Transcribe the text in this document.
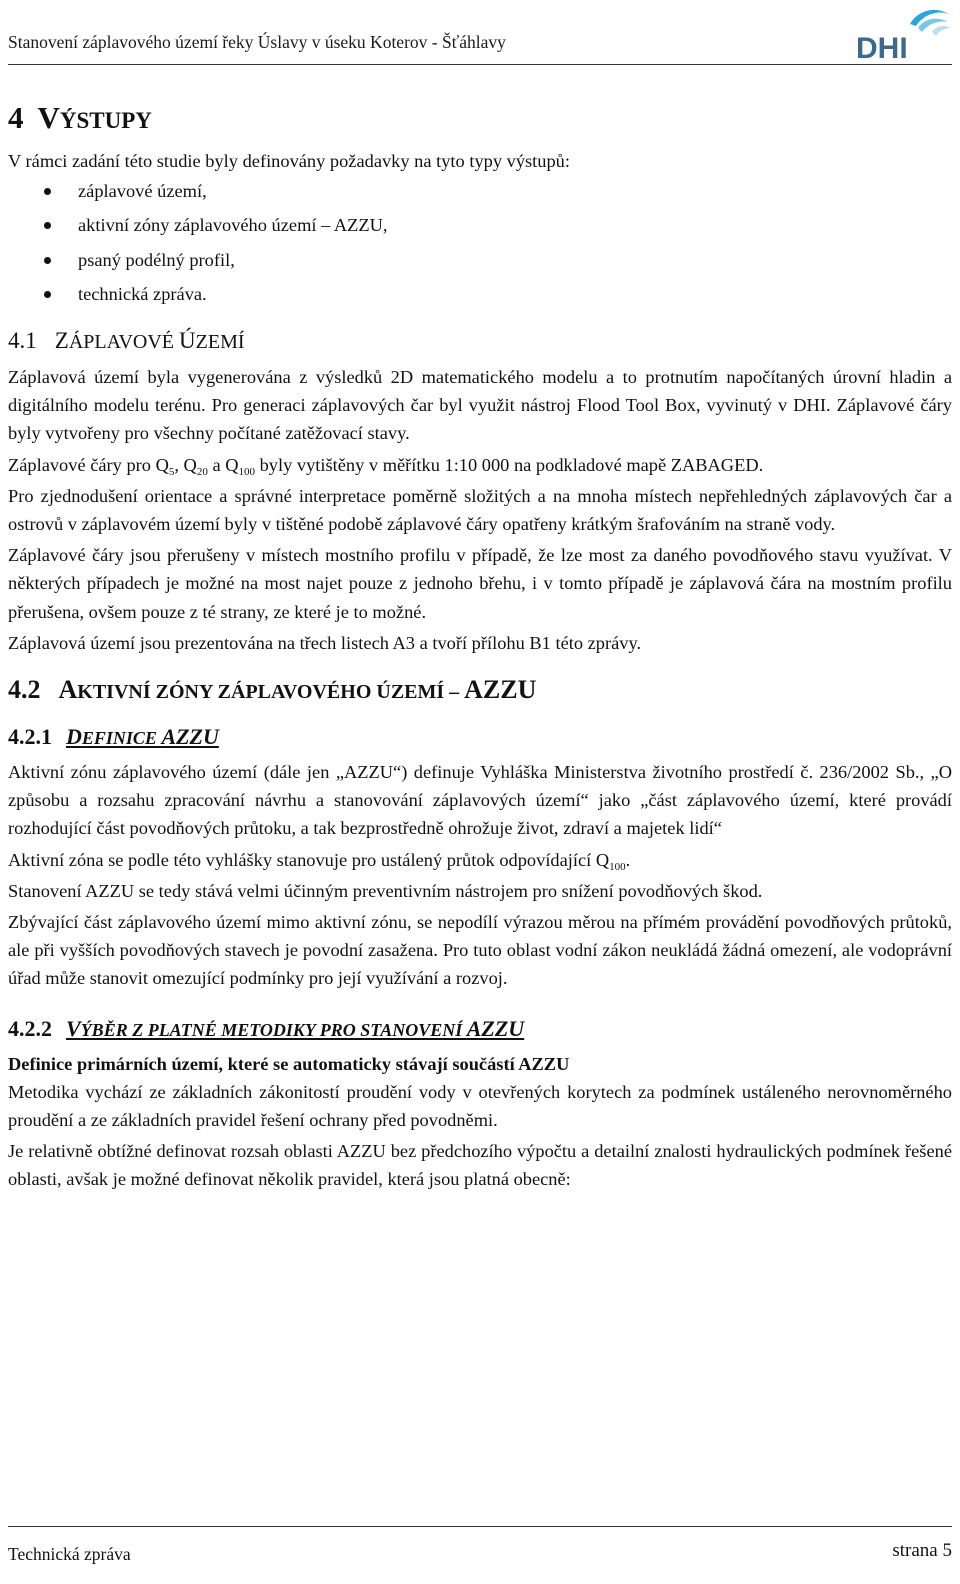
Stanovení záplavového území řeky Úslavy v úseku Koterov - Šťáhlavy	DHI
4 VÝSTUPY

V rámci zadání této studie byly definovány požadavky na tyto typy výstupů:

záplavové území,
aktivní zóny záplavového území – AZZU,
psaný podélný profil,
technická zpráva.
4.1 ZÁPLAVOVÉ ÚZEMÍ

Záplavová území byla vygenerována z výsledků 2D matematického modelu a to protnutím napočítaných úrovní hladin a digitálního modelu terénu. Pro generaci záplavových čar byl využit nástroj Flood Tool Box, vyvinutý v DHI. Záplavové čáry byly vytvořeny pro všechny počítané zatěžovací stavy.

Záplavové čáry pro $Q_5$, $Q_{20}$ a $Q_{100}$ byly vytištěny v měřítku 1:10 000 na podkladové mapě ZABAGED.

Pro zjednodušení orientace a správné interpretace poměrně složitých a na mnoha místech nepřehledných záplavových čar a ostrovů v záplavovém území byly v tištěné podobě záplavové čáry opatřeny krátkým šrafováním na straně vody.

Záplavové čáry jsou přerušeny v místech mostního profilu v případě, že lze most za daného povodňového stavu využívat. V některých případech je možné na most najet pouze z jednoho břehu, i v tomto případě je záplavová čára na mostním profilu přerušena, ovšem pouze z té strany, ze které je to možné.

Záplavová území jsou prezentována na třech listech A3 a tvoří přílohu B1 této zprávy.

4.2 AKTIVNÍ ZÓNY ZÁPLAVOVÉHO ÚZEMÍ – AZZU
4.2.1 DEFINICE AZZU

Aktivní zónu záplavového území (dále jen „AZZU“) definuje Vyhláška Ministerstva životního prostředí č. 236/2002 Sb., „O způsobu a rozsahu zpracování návrhu a stanovování záplavových území“ jako „část záplavového území, které provádí rozhodující část povodňových průtoku, a tak bezprostředně ohrožuje život, zdraví a majetek lidí“

Aktivní zóna se podle této vyhlášky stanovuje pro ustálený průtok odpovídající $Q_{100}$.

Stanovení AZZU se tedy stává velmi účinným preventivním nástrojem pro snížení povodňových škod.

Zbývající část záplavového území mimo aktivní zónu, se nepodílí výrazou měrou na přímém provádění povodňových průtoků, ale při vyšších povodňových stavech je povodní zasažena. Pro tuto oblast vodní zákon neukládá žádná omezení, ale vodoprávní úřad může stanovit omezující podmínky pro její využívání a rozvoj.

4.2.2 VÝBĚR Z PLATNÉ METODIKY PRO STANOVENÍ AZZU
Definice primárních území, které se automaticky stávají součástí AZZU

Metodika vychází ze základních zákonitostí proudění vody v otevřených korytech za podmínek ustáleného nerovnoměrného proudění a ze základních pravidel řešení ochrany před povodněmi.

Je relativně obtížné definovat rozsah oblasti AZZU bez předchozího výpočtu a detailní znalosti hydraulických podmínek řešené oblasti, avšak je možné definovat několik pravidel, která jsou platná obecně:

Technická zpráva	strana 5
